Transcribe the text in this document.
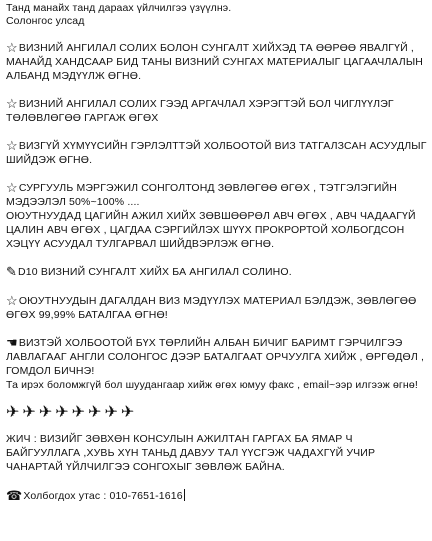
Танд манайх танд дараах үйлчилгээ үзүүлнэ.
Солонгос улсад

☆ВИЗНИЙ АНГИЛАЛ СОЛИХ БОЛОН СУНГАЛТ ХИЙХЭД ТА ӨӨРӨӨ ЯВАЛГҮЙ , МАНАЙД ХАНДСААР БИД ТАНЫ ВИЗНИЙ СУНГАХ МАТЕРИАЛЫГ ЦАГААЧЛАЛЫН АЛБАНД МЭДҮҮЛЖ ӨГНӨ.

☆ВИЗНИЙ АНГИЛАЛ СОЛИХ ГЭЭД АРГАЧЛАЛ ХЭРЭГТЭЙ БОЛ ЧИГЛҮҮЛЭГ ТӨЛӨВЛӨГӨӨ ГАРГАЖ ӨГӨХ

☆ВИЗГҮЙ ХҮМҮҮСИЙН ГЭРЛЭЛТТЭЙ ХОЛБООТОЙ ВИЗ ТАТГАЛЗСАН АСУУДЛЫГ ШИЙДЭЖ ӨГНӨ.

☆СУРГУУЛЬ МЭРГЭЖИЛ СОНГОЛТОНД ЗӨВЛӨГӨӨ ӨГӨХ , ТЭТГЭЛЭГИЙН МЭДЭЭЛЭЛ 50%~100% ....
ОЮУТНУУДАД ЦАГИЙН АЖИЛ ХИЙХ ЗӨВШӨӨРӨЛ АВЧ ӨГӨХ , АВЧ ЧАДААГҮЙ ЦАЛИН АВЧ ӨГӨХ , ЦАГДАА СЭРГИЙЛЭХ ШҮҮХ ПРОКРОРТОЙ ХОЛБОГДСОН ХЭЦҮҮ АСУУДАЛ ТУЛГАРВАЛ ШИЙДВЭРЛЭЖ ӨГНӨ.

✎D10 ВИЗНИЙ СУНГАЛТ ХИЙХ БА АНГИЛАЛ СОЛИНО.

☆ОЮУТНУУДЫН ДАГАЛДАН ВИЗ МЭДҮҮЛЭХ МАТЕРИАЛ БЭЛДЭЖ, ЗӨВЛӨГӨӨ ӨГӨХ 99,99% БАТАЛГАА ӨГНӨ!

☚ВИЗТЭЙ ХОЛБООТОЙ БҮХ ТӨРЛИЙН АЛБАН БИЧИГ БАРИМТ ГЭРЧИЛГЭЭ ЛАВЛАГААГ АНГЛИ СОЛОНГОС ДЭЭР БАТАЛГААТ ОРЧУУЛГА ХИЙЖ , ӨРГӨДӨЛ , ГОМДОЛ БИЧНЭ!
Та ирэх боломжгүй бол шуудангаар хийж өгөх юмуу факс , email~ээр илгээж өгнө!

✈✈✈✈✈✈✈✈

ЖИЧ : ВИЗИЙГ ЗӨВХӨН КОНСУЛЫН АЖИЛТАН ГАРГАХ БА ЯМАР Ч БАЙГУУЛЛАГА ,ХУВЬ ХҮН ТАНЬД ДАВУУ ТАЛ ҮҮСГЭЖ ЧАДАХГҮЙ УЧИР ЧАНАРТАЙ ҮЙЛЧИЛГЭЭ СОНГОХЫГ ЗӨВЛӨЖ БАЙНА.

☎Холбогдох утас : 010-7651-1616
